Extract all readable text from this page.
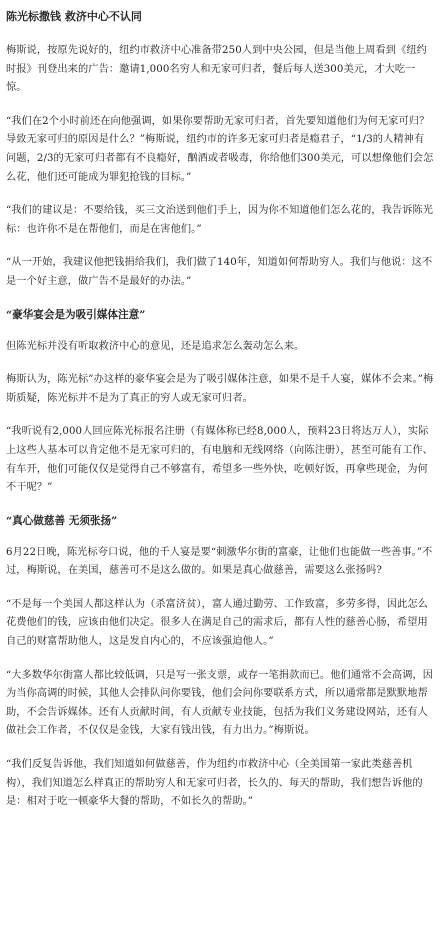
陈光标撒钱 救济中心不认同

梅斯说，按原先说好的，纽约市救济中心准备带250人到中央公园，但是当他上周看到《纽约时报》刊登出来的广告：邀请1,000名穷人和无家可归者，餐后每人送300美元，才大吃一惊。

“我们在2个小时前还在向他强调，如果你要帮助无家可归者，首先要知道他们为何无家可归？导致无家可归的原因是什么？”梅斯说，纽约市的许多无家可归者是瘾君子，“1/3的人精神有问题，2/3的无家可归者都有不良瘾好，酗酒或者吸毒，你给他们300美元，可以想像他们会怎么花，他们还可能成为罪犯抢钱的目标。”

“我们的建议是：不要给钱，买三文治送到他们手上，因为你不知道他们怎么花的，我告诉陈光标：也许你不是在帮他们，而是在害他们。”

“从一开始，我建议他把钱捐给我们，我们做了140年，知道如何帮助穷人。我们与他说：这不是一个好主意，做广告不是最好的办法。”

“豪华宴会是为吸引媒体注意”

但陈光标并没有听取救济中心的意见，还是追求怎么轰动怎么来。

梅斯认为，陈光标”办这样的豪华宴会是为了吸引媒体注意，如果不是千人宴，媒体不会来。”梅斯质疑，陈光标并不是为了真正的穷人或无家可归者。

“我听说有2,000人回应陈光标报名注册（有媒体称已经8,000人，预料23日将达万人），实际上这些人基本可以肯定他不是无家可归的，有电脑和无线网络（向陈注册），甚至可能有工作、有车开，他们可能仅仅是觉得自己不够富有，希望多一些外快，吃顿好饭，再拿些现金，为何不干呢？”

“真心做慈善 无须张扬”

6月22日晚，陈光标夸口说，他的千人宴是要“刺激华尔街的富豪，让他们也能做一些善事。”不过，梅斯说，在美国，慈善可不是这么做的。如果是真心做慈善，需要这么张扬吗?

“不是每一个美国人都这样认为（杀富济贫），富人通过勤劳、工作致富，多劳多得，因此怎么花费他们的钱，应该由他们决定。很多人在满足自己的需求后，都有人性的慈善心肠，希望用自己的财富帮助他人，这是发自内心的，不应该强迫他人。”

“大多数华尔街富人都比较低调，只是写一张支票，或存一笔捐款而已。他们通常不会高调，因为当你高调的时候，其他人会排队问你要钱，他们会问你要联系方式，所以通常都是默默地帮助，不会告诉媒体。还有人贡献时间，有人贡献专业技能，包括为我们义务建设网站，还有人做社会工作者，不仅仅是金钱，大家有钱出钱，有力出力。”梅斯说。

“我们反复告诉他，我们知道如何做慈善，作为纽约市救济中心（全美国第一家此类慈善机构），我们知道怎么样真正的帮助穷人和无家可归者，长久的、每天的帮助，我们想告诉他的是：相对于吃一顿豪华大餐的帮助，不如长久的帮助。”
